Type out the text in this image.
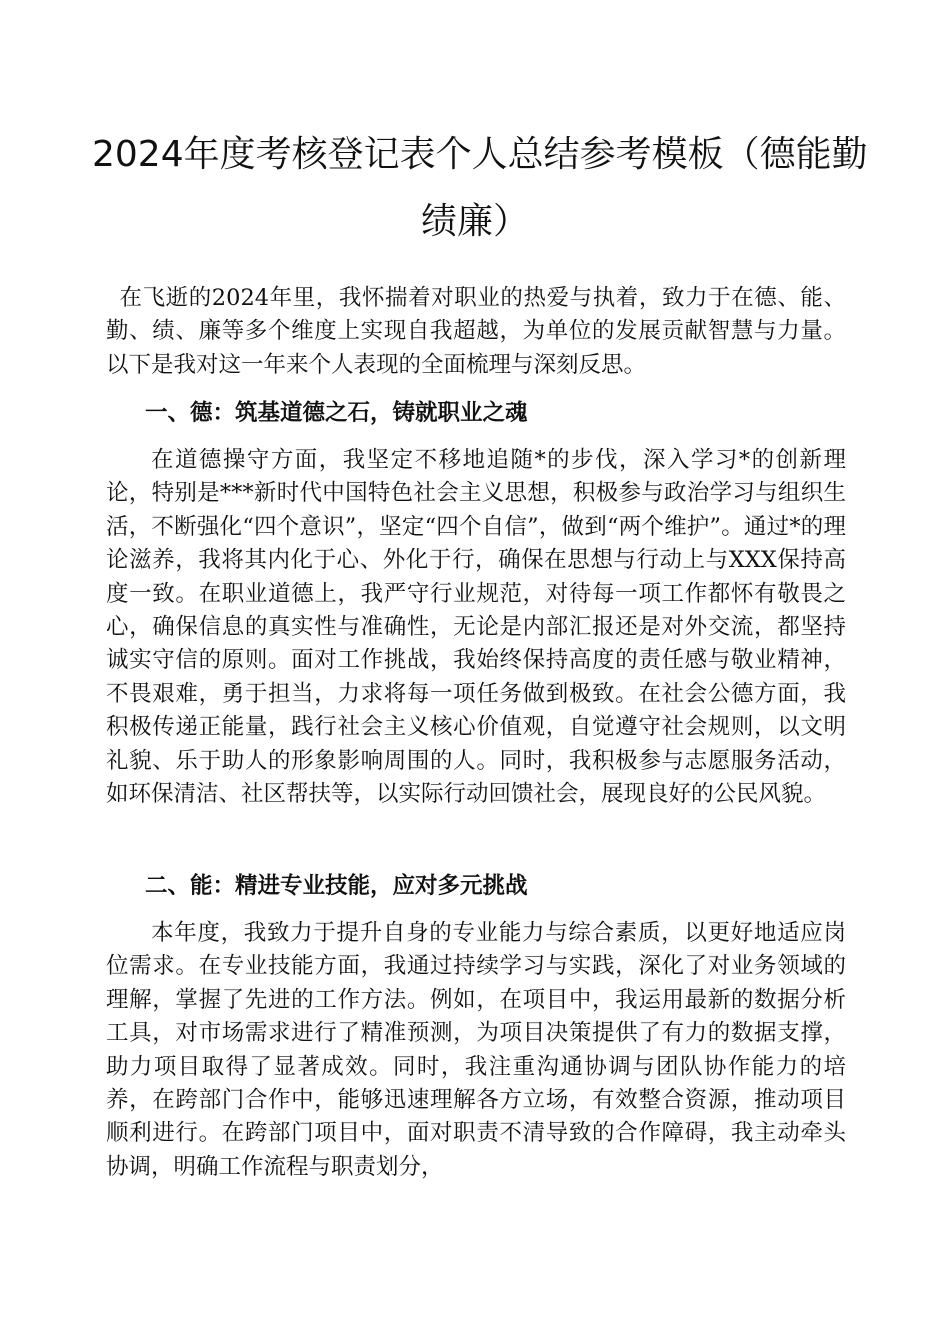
2024年度考核登记表个人总结参考模板（德能勤
绩廉）

在飞逝的2024年里，我怀揣着对职业的热爱与执着，致力于在德、能、勤、绩、廉等多个维度上实现自我超越，为单位的发展贡献智慧与力量。以下是我对这一年来个人表现的全面梳理与深刻反思。

一、德：筑基道德之石，铸就职业之魂

在道德操守方面，我坚定不移地追随*的步伐，深入学习*的创新理论，特别是***新时代中国特色社会主义思想，积极参与政治学习与组织生活，不断强化“四个意识”，坚定“四个自信”，做到“两个维护”。通过*的理论滋养，我将其内化于心、外化于行，确保在思想与行动上与XXX保持高度一致。在职业道德上，我严守行业规范，对待每一项工作都怀有敬畏之心，确保信息的真实性与准确性，无论是内部汇报还是对外交流，都坚持诚实守信的原则。面对工作挑战，我始终保持高度的责任感与敬业精神，不畏艰难，勇于担当，力求将每一项任务做到极致。在社会公德方面，我积极传递正能量，践行社会主义核心价值观，自觉遵守社会规则，以文明礼貌、乐于助人的形象影响周围的人。同时，我积极参与志愿服务活动，如环保清洁、社区帮扶等，以实际行动回馈社会，展现良好的公民风貌。

二、能：精进专业技能，应对多元挑战

本年度，我致力于提升自身的专业能力与综合素质，以更好地适应岗位需求。在专业技能方面，我通过持续学习与实践，深化了对业务领域的理解，掌握了先进的工作方法。例如，在项目中，我运用最新的数据分析工具，对市场需求进行了精准预测，为项目决策提供了有力的数据支撑，助力项目取得了显著成效。同时，我注重沟通协调与团队协作能力的培养，在跨部门合作中，能够迅速理解各方立场，有效整合资源，推动项目顺利进行。在跨部门项目中，面对职责不清导致的合作障碍，我主动牵头协调，明确工作流程与职责划分，
